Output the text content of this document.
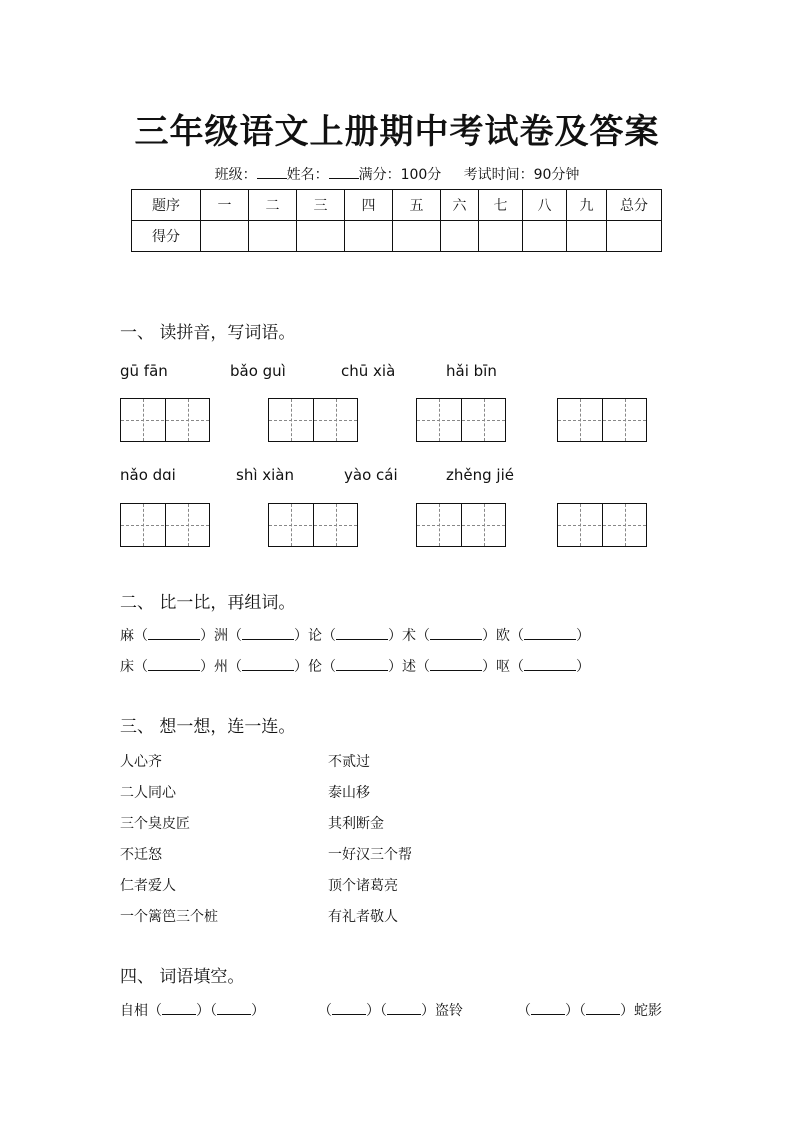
三年级语文上册期中考试卷及答案
班级： 姓名： 满分：100分 考试时间：90分钟
题序	一	二	三	四	五	六	七	八	九	总分
得分										
一、 读拼音，写词语。
gū fān	bǎo guì	chū xià	hǎi bīn
nǎo dɑi	shì xiàn	yào cái	zhěng jié
二、 比一比，再组词。
麻（	）洲（	）论（	）术（	）欧（	）
床（	）州（	）伦（	）述（	）呕（	）
三、 想一想，连一连。
人心齐
二人同心
三个臭皮匠
不迁怒
仁者爱人
一个篱笆三个桩
不贰过
泰山移
其利断金
一好汉三个帮
顶个诸葛亮
有礼者敬人
四、 词语填空。
自相（ ）（ ）	（ ）（ ）盗铃	（ ）（ ）蛇影
